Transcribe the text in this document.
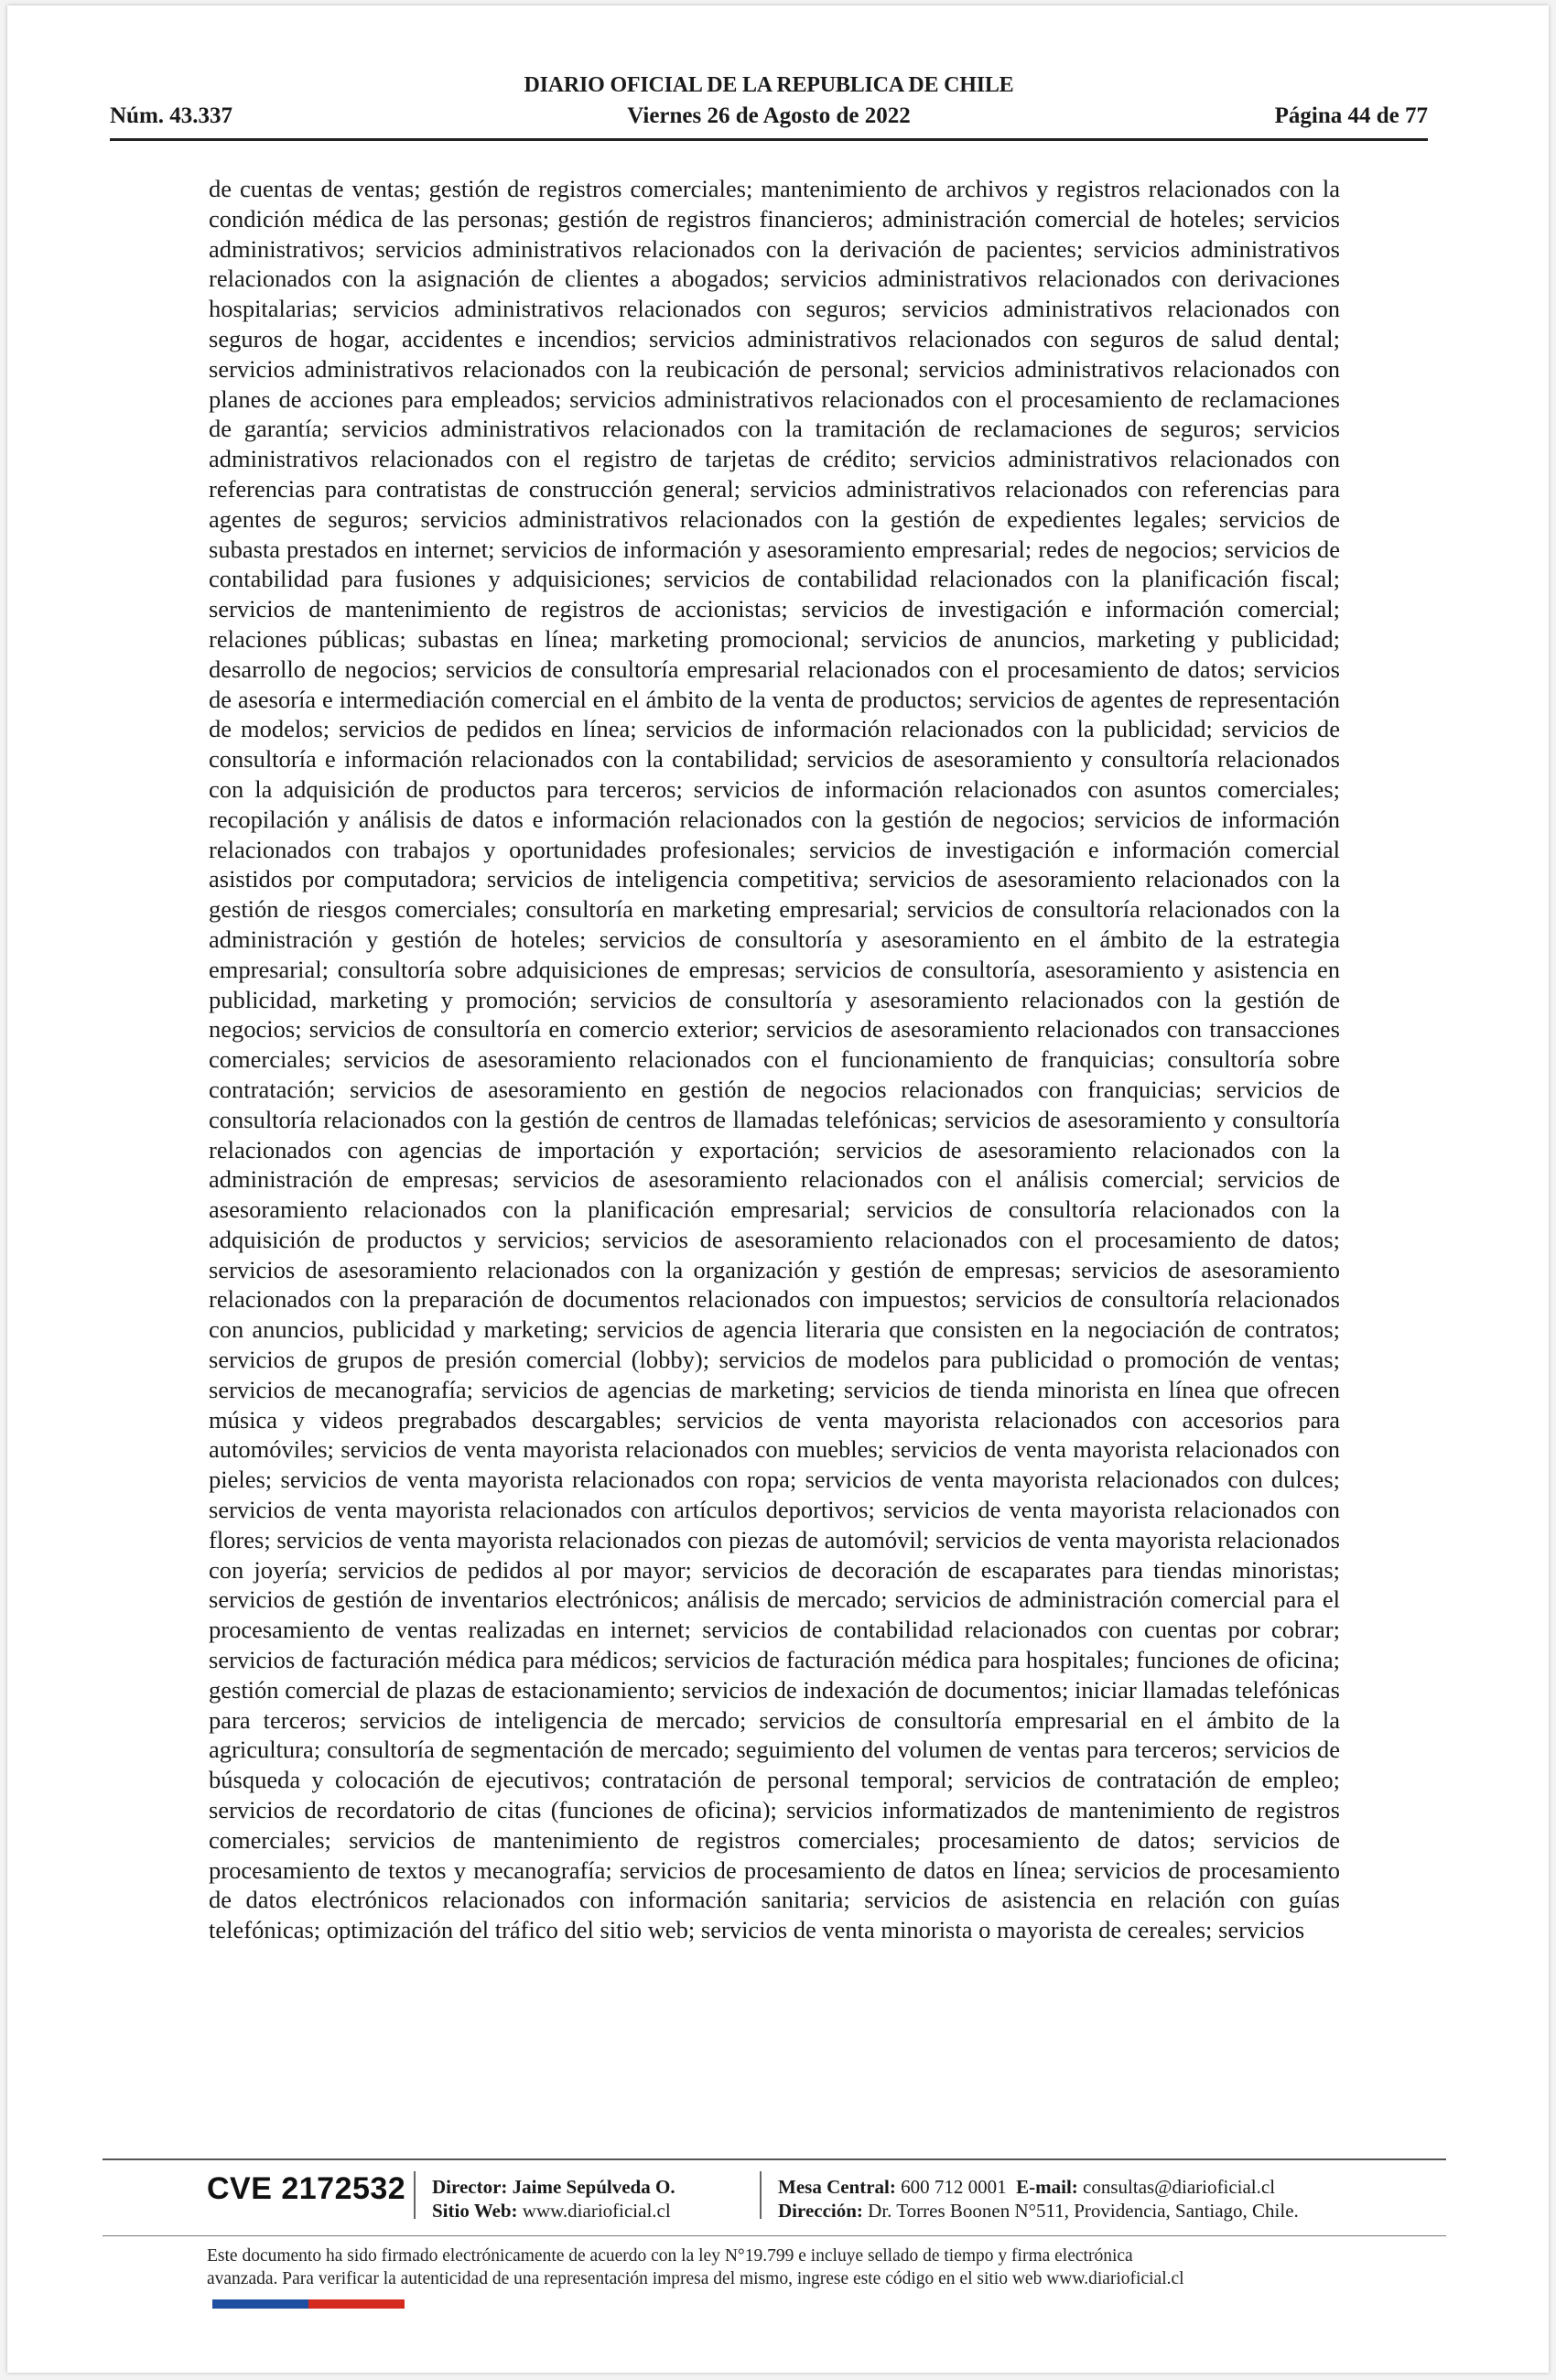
DIARIO OFICIAL DE LA REPUBLICA DE CHILE
Núm. 43.337	Viernes 26 de Agosto de 2022	Página 44 de 77
de cuentas de ventas; gestión de registros comerciales; mantenimiento de archivos y registros relacionados con la condición médica de las personas; gestión de registros financieros; administración comercial de hoteles; servicios administrativos; servicios administrativos relacionados con la derivación de pacientes; servicios administrativos relacionados con la asignación de clientes a abogados; servicios administrativos relacionados con derivaciones hospitalarias; servicios administrativos relacionados con seguros; servicios administrativos relacionados con seguros de hogar, accidentes e incendios; servicios administrativos relacionados con seguros de salud dental; servicios administrativos relacionados con la reubicación de personal; servicios administrativos relacionados con planes de acciones para empleados; servicios administrativos relacionados con el procesamiento de reclamaciones de garantía; servicios administrativos relacionados con la tramitación de reclamaciones de seguros; servicios administrativos relacionados con el registro de tarjetas de crédito; servicios administrativos relacionados con referencias para contratistas de construcción general; servicios administrativos relacionados con referencias para agentes de seguros; servicios administrativos relacionados con la gestión de expedientes legales; servicios de subasta prestados en internet; servicios de información y asesoramiento empresarial; redes de negocios; servicios de contabilidad para fusiones y adquisiciones; servicios de contabilidad relacionados con la planificación fiscal; servicios de mantenimiento de registros de accionistas; servicios de investigación e información comercial; relaciones públicas; subastas en línea; marketing promocional; servicios de anuncios, marketing y publicidad; desarrollo de negocios; servicios de consultoría empresarial relacionados con el procesamiento de datos; servicios de asesoría e intermediación comercial en el ámbito de la venta de productos; servicios de agentes de representación de modelos; servicios de pedidos en línea; servicios de información relacionados con la publicidad; servicios de consultoría e información relacionados con la contabilidad; servicios de asesoramiento y consultoría relacionados con la adquisición de productos para terceros; servicios de información relacionados con asuntos comerciales; recopilación y análisis de datos e información relacionados con la gestión de negocios; servicios de información relacionados con trabajos y oportunidades profesionales; servicios de investigación e información comercial asistidos por computadora; servicios de inteligencia competitiva; servicios de asesoramiento relacionados con la gestión de riesgos comerciales; consultoría en marketing empresarial; servicios de consultoría relacionados con la administración y gestión de hoteles; servicios de consultoría y asesoramiento en el ámbito de la estrategia empresarial; consultoría sobre adquisiciones de empresas; servicios de consultoría, asesoramiento y asistencia en publicidad, marketing y promoción; servicios de consultoría y asesoramiento relacionados con la gestión de negocios; servicios de consultoría en comercio exterior; servicios de asesoramiento relacionados con transacciones comerciales; servicios de asesoramiento relacionados con el funcionamiento de franquicias; consultoría sobre contratación; servicios de asesoramiento en gestión de negocios relacionados con franquicias; servicios de consultoría relacionados con la gestión de centros de llamadas telefónicas; servicios de asesoramiento y consultoría relacionados con agencias de importación y exportación; servicios de asesoramiento relacionados con la administración de empresas; servicios de asesoramiento relacionados con el análisis comercial; servicios de asesoramiento relacionados con la planificación empresarial; servicios de consultoría relacionados con la adquisición de productos y servicios; servicios de asesoramiento relacionados con el procesamiento de datos; servicios de asesoramiento relacionados con la organización y gestión de empresas; servicios de asesoramiento relacionados con la preparación de documentos relacionados con impuestos; servicios de consultoría relacionados con anuncios, publicidad y marketing; servicios de agencia literaria que consisten en la negociación de contratos; servicios de grupos de presión comercial (lobby); servicios de modelos para publicidad o promoción de ventas; servicios de mecanografía; servicios de agencias de marketing; servicios de tienda minorista en línea que ofrecen música y videos pregrabados descargables; servicios de venta mayorista relacionados con accesorios para automóviles; servicios de venta mayorista relacionados con muebles; servicios de venta mayorista relacionados con pieles; servicios de venta mayorista relacionados con ropa; servicios de venta mayorista relacionados con dulces; servicios de venta mayorista relacionados con artículos deportivos; servicios de venta mayorista relacionados con flores; servicios de venta mayorista relacionados con piezas de automóvil; servicios de venta mayorista relacionados con joyería; servicios de pedidos al por mayor; servicios de decoración de escaparates para tiendas minoristas; servicios de gestión de inventarios electrónicos; análisis de mercado; servicios de administración comercial para el procesamiento de ventas realizadas en internet; servicios de contabilidad relacionados con cuentas por cobrar; servicios de facturación médica para médicos; servicios de facturación médica para hospitales; funciones de oficina; gestión comercial de plazas de estacionamiento; servicios de indexación de documentos; iniciar llamadas telefónicas para terceros; servicios de inteligencia de mercado; servicios de consultoría empresarial en el ámbito de la agricultura; consultoría de segmentación de mercado; seguimiento del volumen de ventas para terceros; servicios de búsqueda y colocación de ejecutivos; contratación de personal temporal; servicios de contratación de empleo; servicios de recordatorio de citas (funciones de oficina); servicios informatizados de mantenimiento de registros comerciales; servicios de mantenimiento de registros comerciales; procesamiento de datos; servicios de procesamiento de textos y mecanografía; servicios de procesamiento de datos en línea; servicios de procesamiento de datos electrónicos relacionados con información sanitaria; servicios de asistencia en relación con guías telefónicas; optimización del tráfico del sitio web; servicios de venta minorista o mayorista de cereales; servicios
CVE 2172532 Director: Jaime Sepúlveda O.
Sitio Web: www.diarioficial.cl
Mesa Central: 600 712 0001 E-mail: consultas@diarioficial.cl
Dirección: Dr. Torres Boonen N°511, Providencia, Santiago, Chile.
Este documento ha sido firmado electrónicamente de acuerdo con la ley N°19.799 e incluye sellado de tiempo y firma electrónica
avanzada. Para verificar la autenticidad de una representación impresa del mismo, ingrese este código en el sitio web www.diarioficial.cl
